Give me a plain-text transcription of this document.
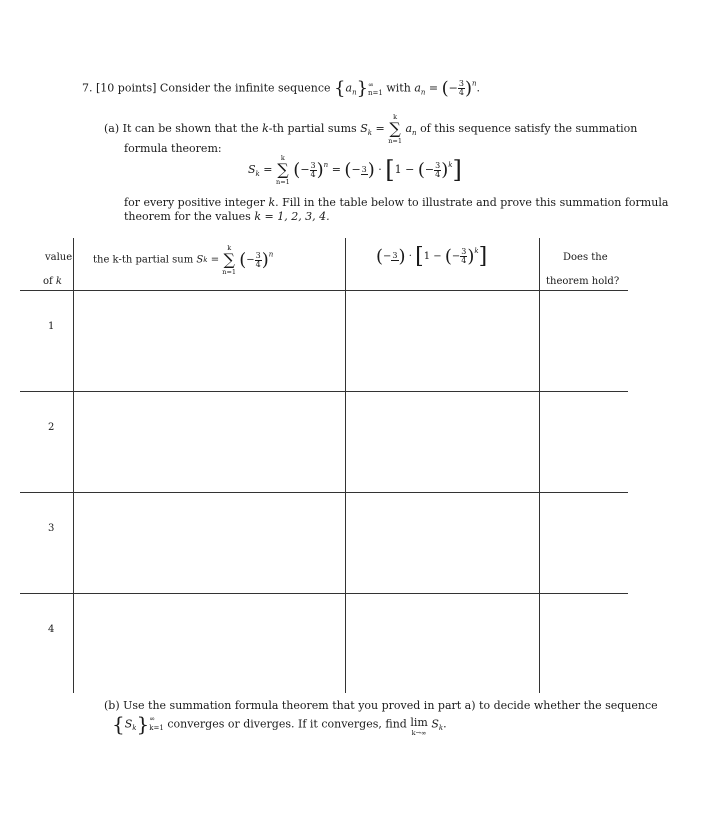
7. [10 points] Consider the infinite sequence $\{a_n\}$ ∞
n=1 with $a_n$ = (− $\frac{3}{4} )^n$.
(a) It can be shown that the k-th partial sums $S_k$ =
k
∑
n=1
$a_n$ of this sequence satisfy the summation
formula theorem:
$S_k$ =
k
∑
n=1
(− $\frac{3}{4} )^n$ = (− 3 ) · [1 − (− $\frac{3}{4} )^k$]
for every positive integer k. Fill in the table below to illustrate and prove this summation formula
theorem for the values k = 1, 2, 3, 4.
value
of k
the k-th partial sum Sk =
k
∑
n=1
(− $\frac{3}{4} )^n$	(− 3 ) · [1 − (− $\frac{3}{4} )^k$]	Does the
theorem hold?
1
2
3
4
(b) Use the summation formula theorem that you proved in part a) to decide whether the sequence
$\{S_k\}$ ∞
k=1 converges or diverges. If it converges, find lim
k→∞
$S_k$.
